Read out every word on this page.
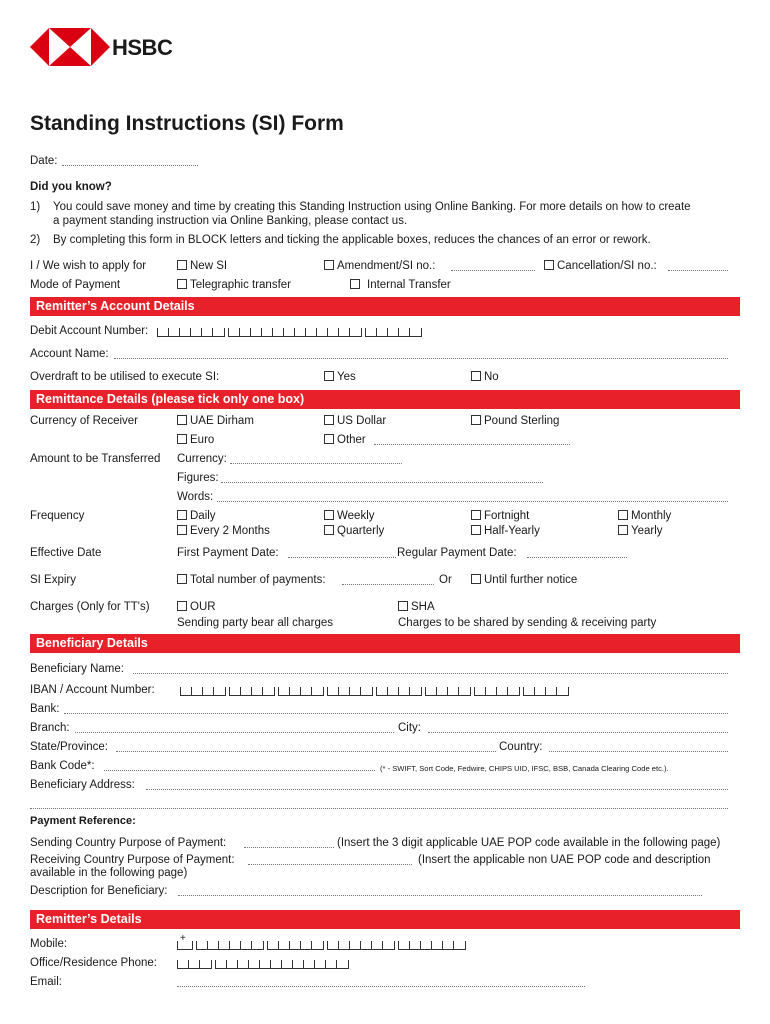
HSBC
Standing Instructions (SI) Form
Date:
Did you know?
1) You could save money and time by creating this Standing Instruction using Online Banking. For more details on how to create
a payment standing instruction via Online Banking, please contact us.
2) By completing this form in BLOCK letters and ticking the applicable boxes, reduces the chances of an error or rework.
I / We wish to apply for	New SI	Amendment/SI no.:	Cancellation/SI no.:
Mode of Payment	Telegraphic transfer	Internal Transfer
Remitter’s Account Details
Debit Account Number:
Account Name:
Overdraft to be utilised to execute SI:	Yes	No
Remittance Details (please tick only one box)
Currency of Receiver	UAE Dirham	US Dollar	Pound Sterling
Euro	Other
Amount to be Transferred Currency:
Figures:
Words:
Frequency	Daily	Weekly	Fortnight	Monthly
Every 2 Months	Quarterly	Half-Yearly	Yearly
Effective Date	First Payment Date:	Regular Payment Date:
SI Expiry	Total number of payments:	Or	Until further notice
Charges (Only for TT's)	OUR
Sending party bear all charges
SHA
Charges to be shared by sending & receiving party
Beneficiary Details
Beneficiary Name:
IBAN / Account Number:
Bank:
Branch:	City:
State/Province:	Country:
Bank Code*:	(* - SWIFT, Sort Code, Fedwire, CHIPS UID, IFSC, BSB, Canada Clearing Code etc.).
Beneficiary Address:
Payment Reference:
Sending Country Purpose of Payment:	(Insert the 3 digit applicable UAE POP code available in the following page)
Receiving Country Purpose of Payment:	(Insert the applicable non UAE POP code and description
available in the following page)
Description for Beneficiary:
Remitter’s Details
Mobile:	+
Office/Residence Phone:
Email:
